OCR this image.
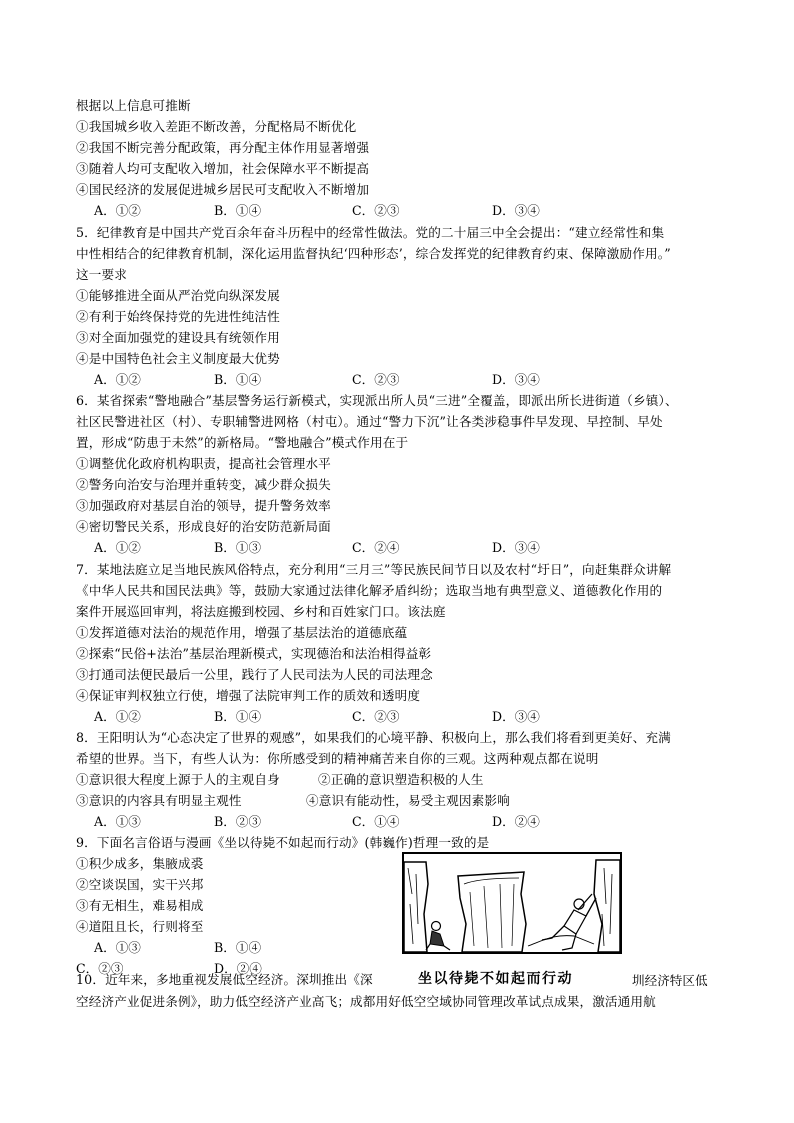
根据以上信息可推断
①我国城乡收入差距不断改善，分配格局不断优化
②我国不断完善分配政策，再分配主体作用显著增强
③随着人均可支配收入增加，社会保障水平不断提高
④国民经济的发展促进城乡居民可支配收入不断增加
A．①②	B．①④	C．②③	D．③④
5．纪律教育是中国共产党百余年奋斗历程中的经常性做法。党的二十届三中全会提出：“建立经常性和集
中性相结合的纪律教育机制，深化运用监督执纪‘四种形态’，综合发挥党的纪律教育约束、保障激励作用。”
这一要求
①能够推进全面从严治党向纵深发展
②有利于始终保持党的先进性纯洁性
③对全面加强党的建设具有统领作用
④是中国特色社会主义制度最大优势
A．①②	B．①④	C．②③	D．③④
6．某省探索“警地融合”基层警务运行新模式，实现派出所人员“三进”全覆盖，即派出所长进街道（乡镇）、
社区民警进社区（村）、专职辅警进网格（村屯）。通过“警力下沉”让各类涉稳事件早发现、早控制、早处
置，形成“防患于未然”的新格局。“警地融合”模式作用在于
①调整优化政府机构职责，提高社会管理水平
②警务向治安与治理并重转变，减少群众损失
③加强政府对基层自治的领导，提升警务效率
④密切警民关系，形成良好的治安防范新局面
A．①②	B．①③	C．②④	D．③④
7．某地法庭立足当地民族风俗特点，充分利用“三月三”等民族民间节日以及农村“圩日”，向赶集群众讲解
《中华人民共和国民法典》等，鼓励大家通过法律化解矛盾纠纷；选取当地有典型意义、道德教化作用的
案件开展巡回审判，将法庭搬到校园、乡村和百姓家门口。该法庭
①发挥道德对法治的规范作用，增强了基层法治的道德底蕴
②探索“民俗+法治”基层治理新模式，实现德治和法治相得益彰
③打通司法便民最后一公里，践行了人民司法为人民的司法理念
④保证审判权独立行使，增强了法院审判工作的质效和透明度
A．①②	B．①④	C．②③	D．③④
8．王阳明认为“心态决定了世界的观感”，如果我们的心境平静、积极向上，那么我们将看到更美好、充满
希望的世界。当下，有些人认为：你所感受到的精神痛苦来自你的三观。这两种观点都在说明
①意识很大程度上源于人的主观自身	②正确的意识塑造积极的人生
③意识的内容具有明显主观性	④意识有能动性，易受主观因素影响
A．①③	B．②③	C．①④	D．②④
9．下面名言俗语与漫画《坐以待毙不如起而行动》(韩巍作)哲理一致的是
①积少成多，集腋成裘
②空谈误国，实干兴邦
③有无相生，难易相成
④道阻且长，行则将至
A．①③	B．①④
C．②③	D．②④
坐以待毙不如起而行动
10．近年来，多地重视发展低空经济。深圳推出《深	圳经济特区低
空经济产业促进条例》，助力低空经济产业高飞；成都用好低空空域协同管理改革试点成果，激活通用航
